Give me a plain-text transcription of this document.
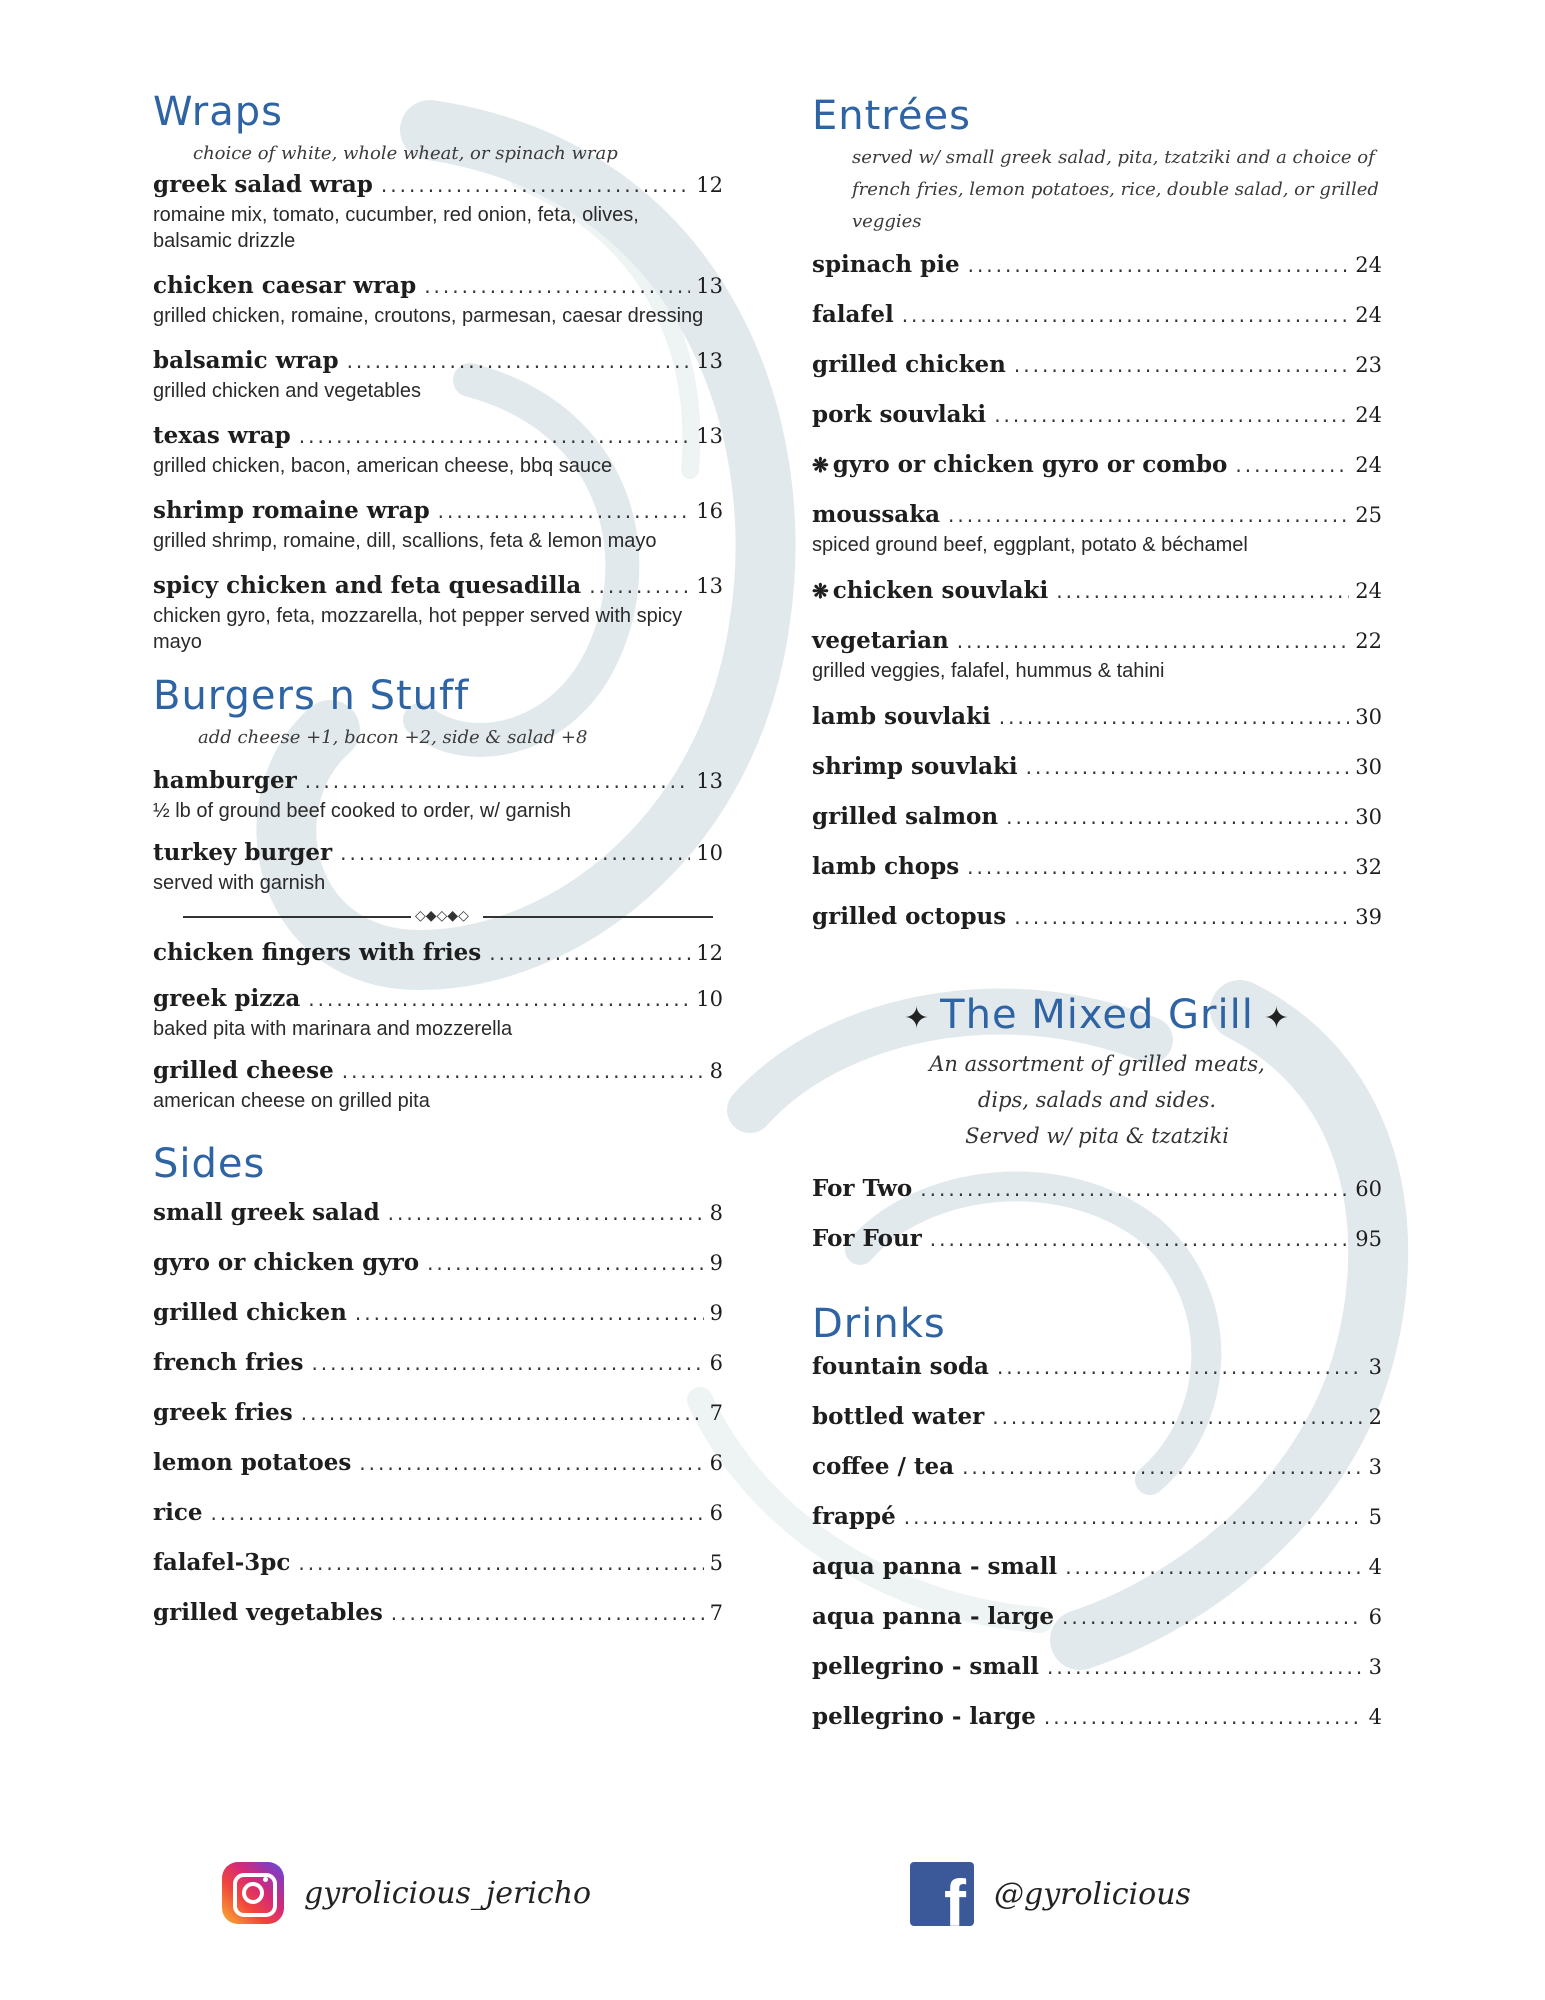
Wraps
choice of white, whole wheat, or spinach wrap
greek salad wrap .....	12
romaine mix, tomato, cucumber, red onion, feta, olives, balsamic drizzle
chicken caesar wrap .....	13
grilled chicken, romaine, croutons, parmesan, caesar dressing
balsamic wrap .....	13
grilled chicken and vegetables
texas wrap .....	13
grilled chicken, bacon, american cheese, bbq sauce
shrimp romaine wrap .....	16
grilled shrimp, romaine, dill, scallions, feta & lemon mayo
spicy chicken and feta quesadilla .....	13
chicken gyro, feta, mozzarella, hot pepper served with spicy mayo
Burgers n Stuff
add cheese +1, bacon +2, side & salad +8
hamburger .....	13
½ lb of ground beef cooked to order, w/ garnish
turkey burger .....	10
served with garnish
◇◆◇◆◇
chicken fingers with fries .....	12
greek pizza .....	10
baked pita with marinara and mozzerella
grilled cheese .....	8
american cheese on grilled pita
Sides
small greek salad .....	8
gyro or chicken gyro .....	9
grilled chicken .....	9
french fries .....	6
greek fries .....	7
lemon potatoes .....	6
rice .....	6
falafel-3pc .....	5
grilled vegetables .....	7
Entrées
served w/ small greek salad, pita, tzatziki and a choice of french fries, lemon potatoes, rice, double salad, or grilled veggies
spinach pie .....	24
falafel .....	24
grilled chicken .....	23
pork souvlaki .....	24
❋ gyro or chicken gyro or combo .....	24
moussaka .....	25
spiced ground beef, eggplant, potato & béchamel
❋ chicken souvlaki .....	24
vegetarian .....	22
grilled veggies, falafel, hummus & tahini
lamb souvlaki .....	30
shrimp souvlaki .....	30
grilled salmon .....	30
lamb chops .....	32
grilled octopus .....	39
✦ The Mixed Grill ✦
An assortment of grilled meats,
dips, salads and sides.
Served w/ pita & tzatziki
For Two .....	60
For Four .....	95
Drinks
fountain soda .....	3
bottled water .....	2
coffee / tea .....	3
frappé .....	5
aqua panna - small .....	4
aqua panna - large .....	6
pellegrino - small .....	3
pellegrino - large .....	4
gyrolicious_jericho	f @gyrolicious
